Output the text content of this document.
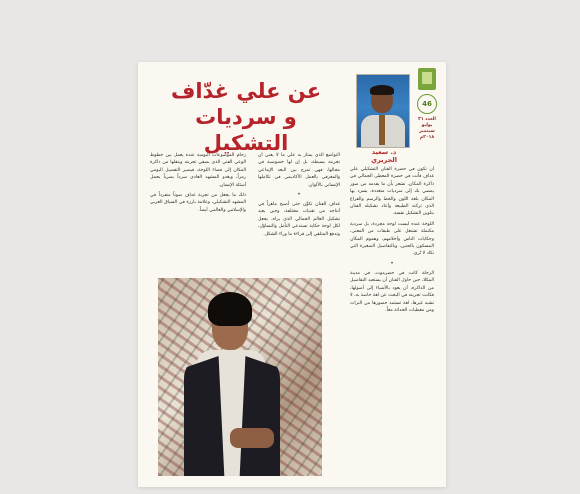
46
العدد ٣١
يوليو
سبتمبر
٢٠١٨م
عن علي غدّاف
و سرديات التشكيل	د. سعيد الجريري

أن تكون في حضرة الفنان التشكيلي علي غداف فأنت في حضرة المعطى الجمالي في ذاكرة المكان، تشعر بأن ما يقدمه من صور يمضي بك إلى سرديات متعددة، يسرد بها المكان بلغة اللون والخط والرسم والفراغ الذي تركته الطبيعة وأعاد تشكيله الفنان بتلوين التشكيل نفسه.

اللوحة عنده ليست لوحة مجردة، بل سردية مكتملة تشتغل على طبقات من المعنى، وحكايات الناس وأحلامهم، وهموم المكان المسكون بالحنين، وبالتفاصيل الصغيرة التي تكاد لا تُرى.

•

الرحلة كانت في حضرموت، في مدينة المكلا، حين حاول الفنان أن يستعيد التفاصيل من الذاكرة، أن يعود بالأشياء إلى أصولها، فكانت تجربته في البحث عن لغة خاصة به، لا تشبه غيرها، لغة تستمد حضورها من التراث ومن معطيات الحداثة معاً.

التواضع الذي يمتاز به علي ما لا يعني أن تجربته بسيطة، بل إن لها خصوصية في مجالها، فهي تمزج بين البعد الإبداعي والمعرفي بالعمل الأكاديمي في تكاملها الإنساني بالألوان.

•

غداف الفنان تكوَّن حتى أصبح ماهراً في أنتاجه من تقنيات مختلفة، وحين يعيد تشكيل العالم الجمالي الذي يراه، يجعل لكل لوحة حكاية تستدعي التأمل والتساؤل، وتدفع المتلقي إلى قراءة ما وراء الشكل.

زحام الموضوعات اليومية عنده يعمل بين خطوط الوعي الفني الذي يصفي تجربته وينقلها من ذاكرة المكان إلى فضاء اللوحة، فيصير التفصيل اليومي رمزاً، ويغدو المشهد العادي سرداً بصرياً يحمل أسئلة الإنسان.

ذلك ما يجعل من تجربة غداف صوتاً متفرداً في المشهد التشكيلي، وعلامة بارزة في السياق العربي والإسلامي والعالمي أيضاً.
